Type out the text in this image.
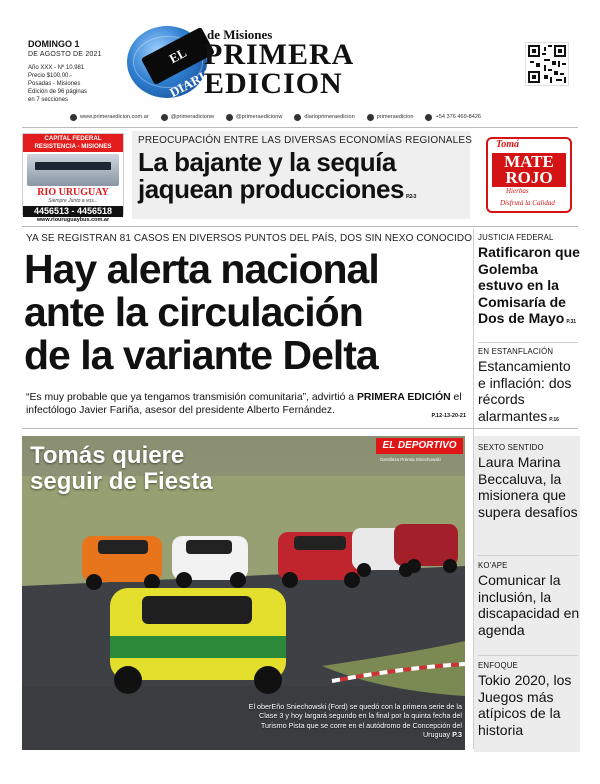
DOMINGO 1
DE AGOSTO DE 2021
Año XXX - Nº 10.981
Precio $100,00.-
Posadas - Misiones
Edición de 96 páginas
en 7 secciones
EL DIARIO
de Misiones
PRIMERA
EDICION
www.primeraedicion.com.ar	@primeradicionw	@primeraedicionw	diarioprimeraedicion	primeraedicion	+54 376 469-8426
CAPITAL FEDERAL
RESISTENCIA - MISIONES
RIO URUGUAY
Siempre Junto a vos...
4456513 - 4456518
www.riouruguaybus.com.ar
PREOCUPACIÓN ENTRE LAS DIVERSAS ECONOMÍAS REGIONALES
La bajante y la sequía
jaquean producciones P.2-3
Tomá
MATE
ROJO
Hierbas
Disfrutá la Calidad
YA SE REGISTRAN 81 CASOS EN DIVERSOS PUNTOS DEL PAÍS, DOS SIN NEXO CONOCIDO
Hay alerta nacional
ante la circulación
de la variante Delta
“Es muy probable que ya tengamos transmisión comunitaria”, advirtió a PRIMERA EDICIÓN el infectólogo Javier Fariña, asesor del presidente Alberto Fernández.	P.12-13-20-21
JUSTICIA FEDERAL
Ratificaron que Golemba estuvo en la Comisaría de Dos de Mayo P.31
EN ESTANFLACIÓN
Estancamiento e inflación: dos récords alarmantes P.16
Tomás quiere
seguir de Fiesta
EL DEPORTIVO
Gentileza Prensa Sniechowski
El oberEño Sniechowski (Ford) se quedó con la primera serie de la Clase 3 y hoy largará segundo en la final por la quinta fecha del Turismo Pista que se corre en el autódromo de Concepción del Uruguay P.3
SEXTO SENTIDO
Laura Marina Beccaluva, la misionera que supera desafíos
KO'APE
Comunicar la inclusión, la discapacidad en agenda
ENFOQUE
Tokio 2020, los Juegos más atípicos de la historia
